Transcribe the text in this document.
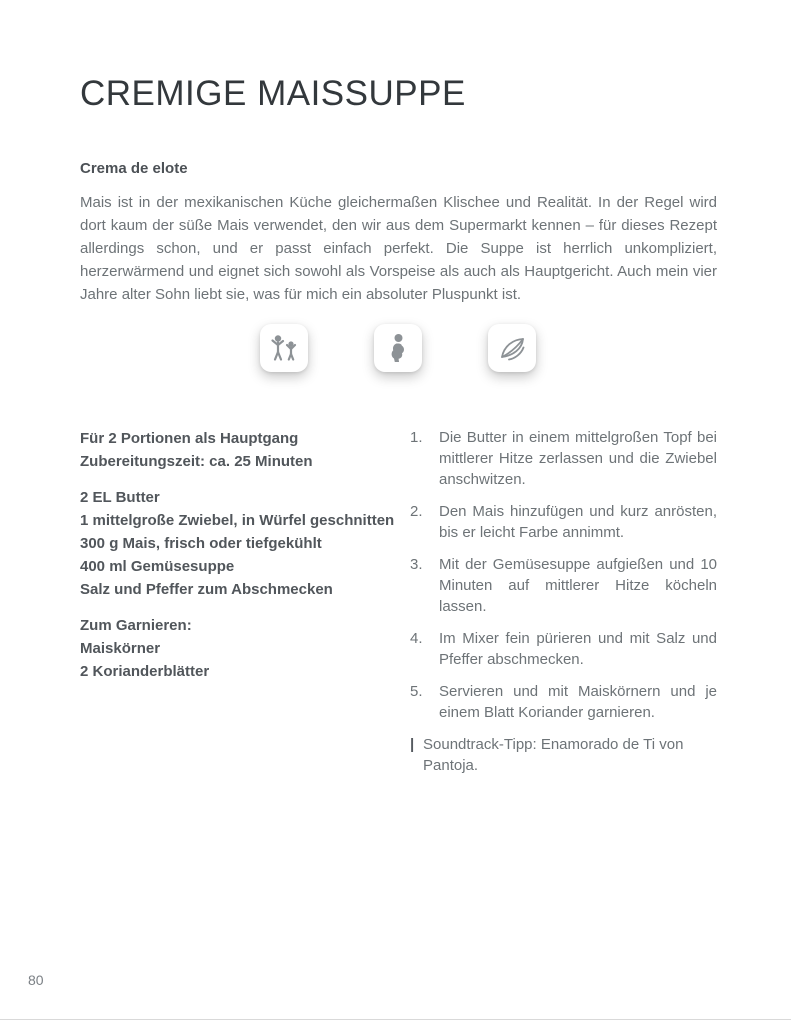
CREMIGE MAISSUPPE
Crema de elote
Mais ist in der mexikanischen Küche gleichermaßen Klischee und Realität. In der Regel wird dort kaum der süße Mais verwendet, den wir aus dem Supermarkt kennen – für dieses Rezept allerdings schon, und er passt einfach perfekt. Die Suppe ist herrlich unkompliziert, herzerwärmend und eignet sich sowohl als Vorspeise als auch als Hauptgericht. Auch mein vier Jahre alter Sohn liebt sie, was für mich ein absoluter Pluspunkt ist.
Für 2 Portionen als Hauptgang
Zubereitungszeit: ca. 25 Minuten
2 EL Butter
1 mittelgroße Zwiebel, in Würfel geschnitten
300 g Mais, frisch oder tiefgekühlt
400 ml Gemüsesuppe
Salz und Pfeffer zum Abschmecken
Zum Garnieren:
Maiskörner
2 Korianderblätter
1.	Die Butter in einem mittelgroßen Topf bei mittlerer Hitze zerlassen und die Zwiebel anschwitzen.
2.	Den Mais hinzufügen und kurz anrösten, bis er leicht Farbe annimmt.
3.	Mit der Gemüsesuppe aufgießen und 10 Minuten auf mittlerer Hitze köcheln lassen.
4.	Im Mixer fein pürieren und mit Salz und Pfeffer abschmecken.
5.	Servieren und mit Maiskörnern und je einem Blatt Koriander garnieren.
| Soundtrack-Tipp: Enamorado de Ti von Pantoja.
80
